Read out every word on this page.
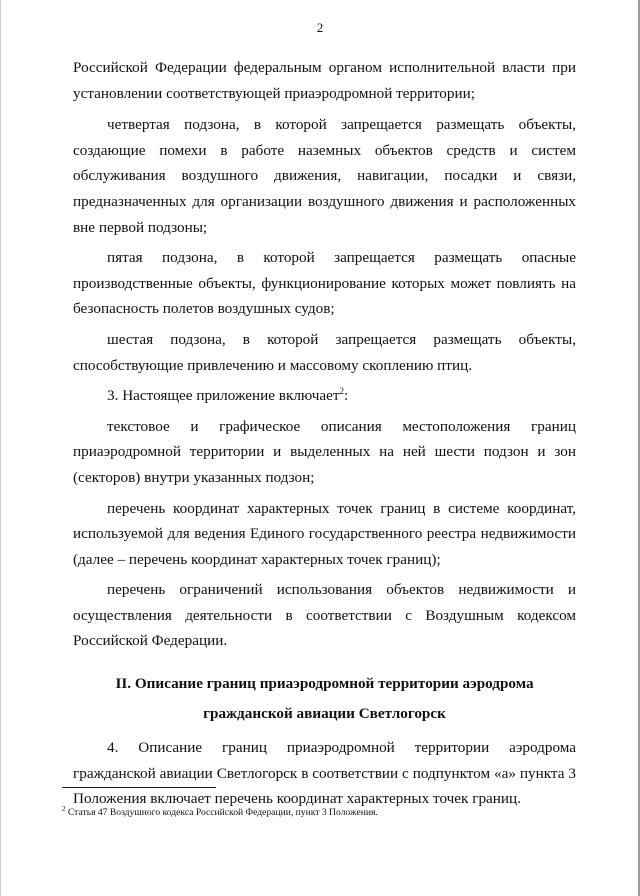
2

Российской Федерации федеральным органом исполнительной власти при установлении соответствующей приаэродромной территории;

четвертая подзона, в которой запрещается размещать объекты, создающие помехи в работе наземных объектов средств и систем обслуживания воздушного движения, навигации, посадки и связи, предназначенных для организации воздушного движения и расположенных вне первой подзоны;

пятая подзона, в которой запрещается размещать опасные производственные объекты, функционирование которых может повлиять на безопасность полетов воздушных судов;

шестая подзона, в которой запрещается размещать объекты, способствующие привлечению и массовому скоплению птиц.

3. Настоящее приложение включает$^2$:

текстовое и графическое описания местоположения границ приаэродромной территории и выделенных на ней шести подзон и зон (секторов) внутри указанных подзон;

перечень координат характерных точек границ в системе координат, используемой для ведения Единого государственного реестра недвижимости (далее – перечень координат характерных точек границ);

перечень ограничений использования объектов недвижимости и осуществления деятельности в соответствии с Воздушным кодексом Российской Федерации.

II. Описание границ приаэродромной территории аэродрома
гражданской авиации Светлогорск

4. Описание границ приаэродромной территории аэродрома гражданской авиации Светлогорск в соответствии с подпунктом «а» пункта 3 Положения включает перечень координат характерных точек границ.

$^2$ Статья 47 Воздушного кодекса Российской Федерации, пункт 3 Положения.
